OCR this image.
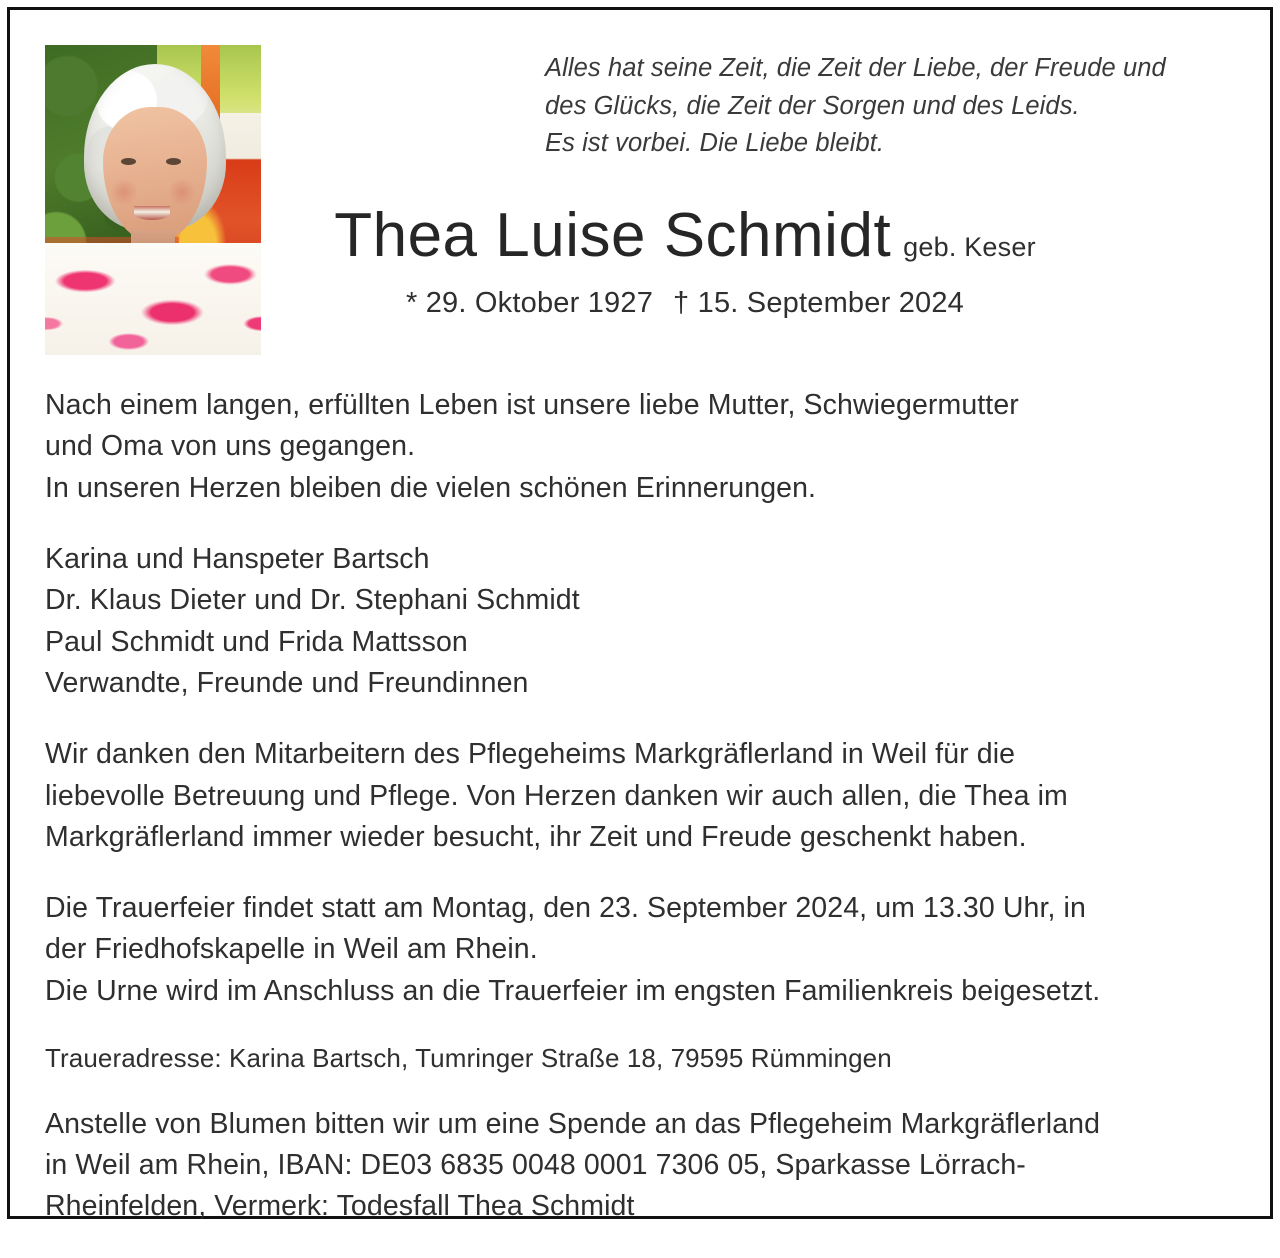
Alles hat seine Zeit, die Zeit der Liebe, der Freude und
des Glücks, die Zeit der Sorgen und des Leids.
Es ist vorbei. Die Liebe bleibt.
Thea Luise Schmidt geb. Keser
* 29. Oktober 1927 † 15. September 2024

Nach einem langen, erfüllten Leben ist unsere liebe Mutter, Schwiegermutter
und Oma von uns gegangen.
In unseren Herzen bleiben die vielen schönen Erinnerungen.

Karina und Hanspeter Bartsch
Dr. Klaus Dieter und Dr. Stephani Schmidt
Paul Schmidt und Frida Mattsson
Verwandte, Freunde und Freundinnen

Wir danken den Mitarbeitern des Pflegeheims Markgräflerland in Weil für die
liebevolle Betreuung und Pflege. Von Herzen danken wir auch allen, die Thea im
Markgräflerland immer wieder besucht, ihr Zeit und Freude geschenkt haben.

Die Trauerfeier findet statt am Montag, den 23. September 2024, um 13.30 Uhr, in
der Friedhofskapelle in Weil am Rhein.
Die Urne wird im Anschluss an die Trauerfeier im engsten Familienkreis beigesetzt.

Traueradresse: Karina Bartsch, Tumringer Straße 18, 79595 Rümmingen

Anstelle von Blumen bitten wir um eine Spende an das Pflegeheim Markgräflerland
in Weil am Rhein, IBAN: DE03 6835 0048 0001 7306 05, Sparkasse Lörrach-
Rheinfelden, Vermerk: Todesfall Thea Schmidt
